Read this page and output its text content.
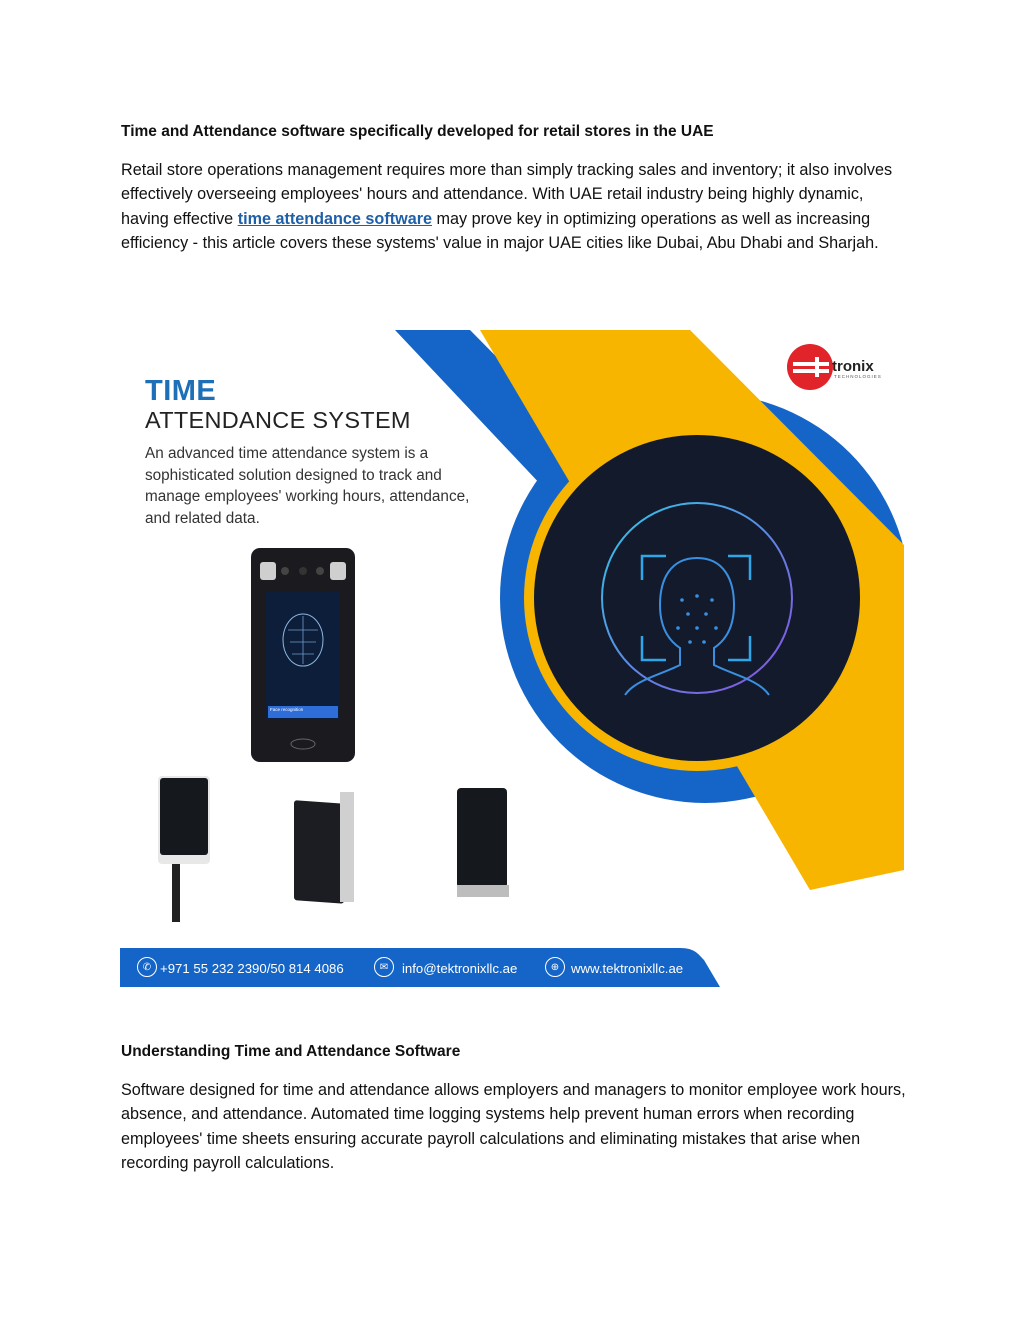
Time and Attendance software specifically developed for retail stores in the UAE
Retail store operations management requires more than simply tracking sales and inventory; it also involves effectively overseeing employees' hours and attendance. With UAE retail industry being highly dynamic, having effective time attendance software may prove key in optimizing operations as well as increasing efficiency - this article covers these systems' value in major UAE cities like Dubai, Abu Dhabi and Sharjah.
TIME
ATTENDANCE SYSTEM
An advanced time attendance system is a sophisticated solution designed to track and manage employees' working hours, attendance, and related data.
tronix
TECHNOLOGIES
Face recognition
✆ +971 55 232 2390/50 814 4086	✉	info@tektronixllc.ae	⊕ www.tektronixllc.ae
Understanding Time and Attendance Software
Software designed for time and attendance allows employers and managers to monitor employee work hours, absence, and attendance. Automated time logging systems help prevent human errors when recording employees' time sheets ensuring accurate payroll calculations and eliminating mistakes that arise when recording payroll calculations.
